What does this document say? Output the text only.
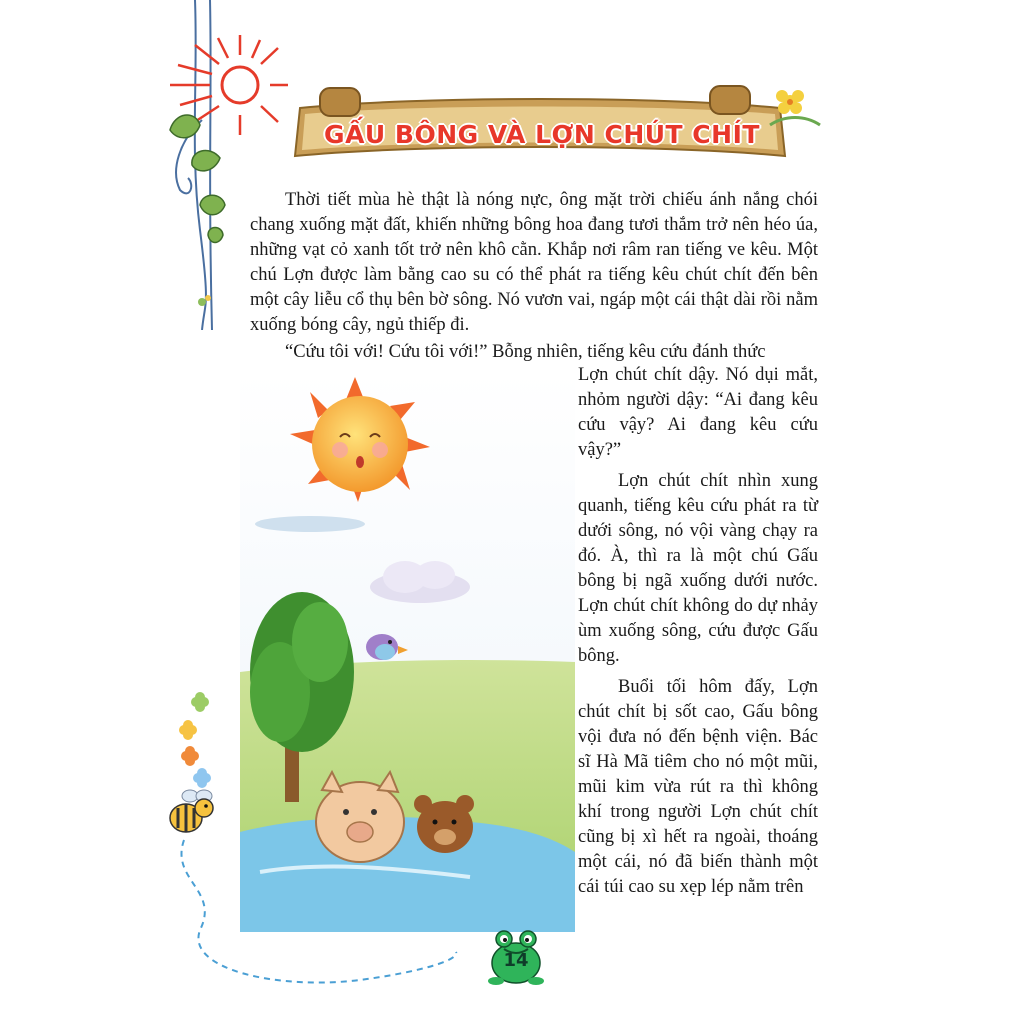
GẤU BÔNG VÀ LỢN CHÚT CHÍT
Thời tiết mùa hè thật là nóng nực, ông mặt trời chiếu ánh nắng chói chang xuống mặt đất, khiến những bông hoa đang tươi thắm trở nên héo úa, những vạt cỏ xanh tốt trở nên khô cằn. Khắp nơi râm ran tiếng ve kêu. Một chú Lợn được làm bằng cao su có thể phát ra tiếng kêu chút chít đến bên một cây liễu cổ thụ bên bờ sông. Nó vươn vai, ngáp một cái thật dài rồi nằm xuống bóng cây, ngủ thiếp đi.
“Cứu tôi với! Cứu tôi với!” Bỗng nhiên, tiếng kêu cứu đánh thức

Lợn chút chít dậy. Nó dụi mắt, nhỏm người dậy: “Ai đang kêu cứu vậy? Ai đang kêu cứu vậy?”

Lợn chút chít nhìn xung quanh, tiếng kêu cứu phát ra từ dưới sông, nó vội vàng chạy ra đó. À, thì ra là một chú Gấu bông bị ngã xuống dưới nước. Lợn chút chít không do dự nhảy ùm xuống sông, cứu được Gấu bông.

Buổi tối hôm đấy, Lợn chút chít bị sốt cao, Gấu bông vội đưa nó đến bệnh viện. Bác sĩ Hà Mã tiêm cho nó một mũi, mũi kim vừa rút ra thì không khí trong người Lợn chút chít cũng bị xì hết ra ngoài, thoáng một cái, nó đã biến thành một cái túi cao su xẹp lép nằm trên

14
